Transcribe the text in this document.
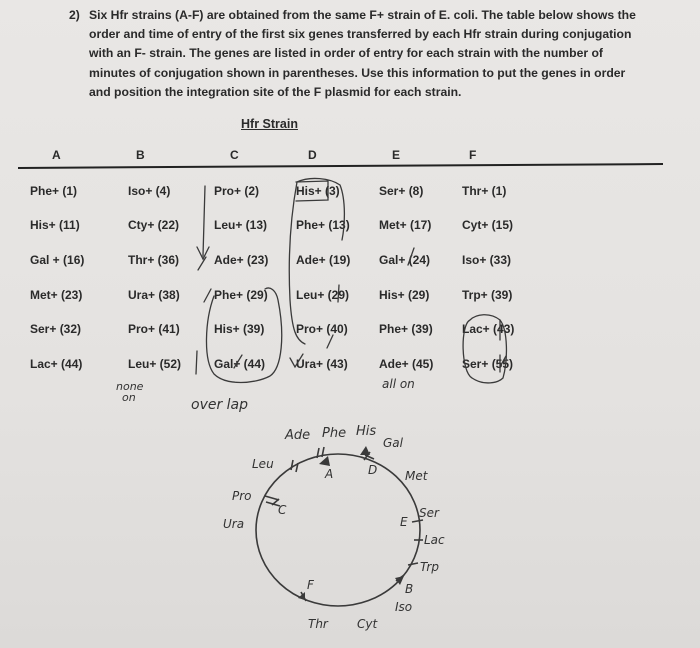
2) Six Hfr strains (A-F) are obtained from the same F+ strain of E. coli. The table below shows the
order and time of entry of the first six genes transferred by each Hfr strain during conjugation
with an F- strain. The genes are listed in order of entry for each strain with the number of
minutes of conjugation shown in parentheses. Use this information to put the genes in order
and position the integration site of the F plasmid for each strain.
Hfr Strain
A	B	C	D	E	F
Phe+ (1)	Iso+ (4)	Pro+ (2)	His+ (3)	Ser+ (8)	Thr+ (1)
His+ (11)	Cty+ (22)	Leu+ (13) Phe+ (13) Met+ (17)	Cyt+ (15)
Gal + (16)	Thr+ (36)	Ade+ (23) Ade+ (19) Gal+ (24)	Iso+ (33)
Met+ (23)	Ura+ (38)	Phe+ (29) Leu+ (29) His+ (29)	Trp+ (39)
Ser+ (32)	Pro+ (41)	His+ (39)	Pro+ (40)	Phe+ (39) Lac+ (43)
Lac+ (44)	Leu+ (52)	Gal+ (44)	Ura+ (43)	Ade+ (45) Ser+ (55)
none
on	over lap
all on
Ade Phe His
Gal
Leu
A	D Met
Pro
C
Ura
Ser
E
Lac
Trp
B
Iso
F
Thr Cyt
